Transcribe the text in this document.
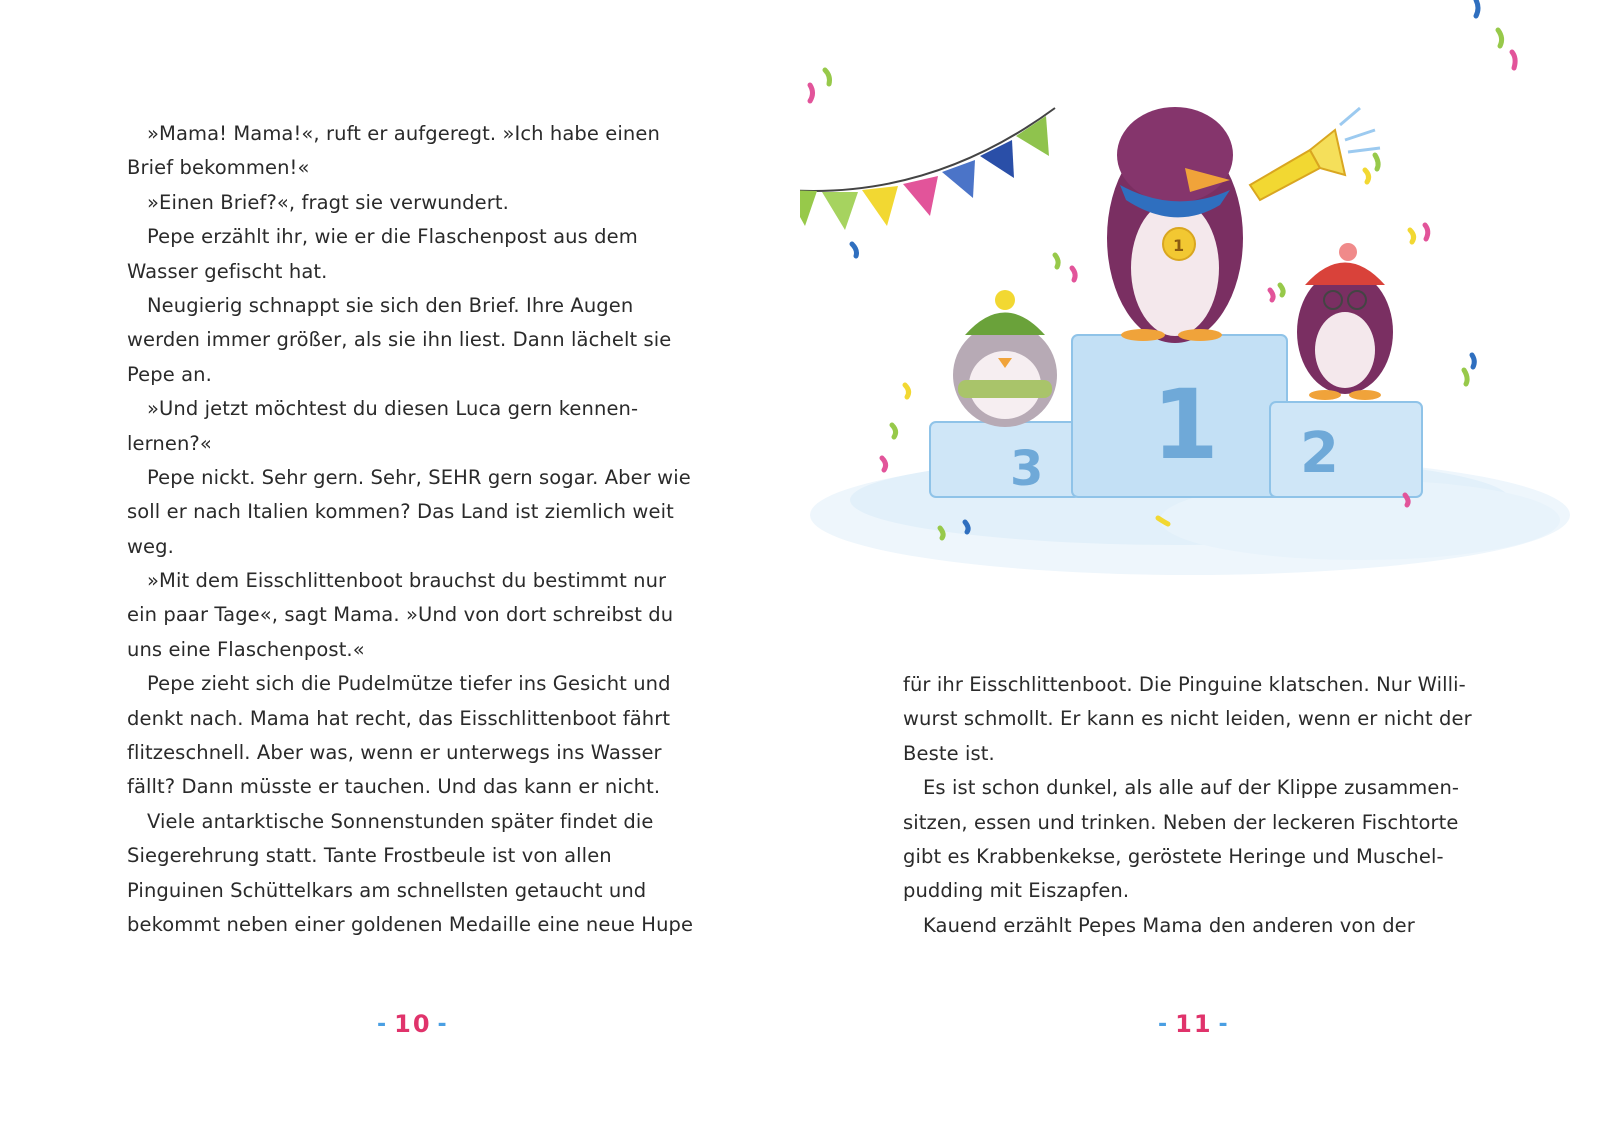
»Mama! Mama!«, ruft er aufgeregt. »Ich habe einen
Brief bekommen!«
»Einen Brief?«, fragt sie verwundert.
Pepe erzählt ihr, wie er die Flaschenpost aus dem
Wasser gefischt hat.
Neugierig schnappt sie sich den Brief. Ihre Augen
werden immer größer, als sie ihn liest. Dann lächelt sie
Pepe an.
»Und jetzt möchtest du diesen Luca gern kennen-
lernen?«
Pepe nickt. Sehr gern. Sehr, SEHR gern sogar. Aber wie
soll er nach Italien kommen? Das Land ist ziemlich weit
weg.
»Mit dem Eisschlittenboot brauchst du bestimmt nur
ein paar Tage«, sagt Mama. »Und von dort schreibst du
uns eine Flaschenpost.«
Pepe zieht sich die Pudelmütze tiefer ins Gesicht und
denkt nach. Mama hat recht, das Eisschlittenboot fährt
flitzeschnell. Aber was, wenn er unterwegs ins Wasser
fällt? Dann müsste er tauchen. Und das kann er nicht.
Viele antarktische Sonnenstunden später findet die
Siegerehrung statt. Tante Frostbeule ist von allen
Pinguinen Schüttelkars am schnellsten getaucht und
bekommt neben einer goldenen Medaille eine neue Hupe
- 10 -
3 1 2
1
für ihr Eisschlittenboot. Die Pinguine klatschen. Nur Willi-
wurst schmollt. Er kann es nicht leiden, wenn er nicht der
Beste ist.
Es ist schon dunkel, als alle auf der Klippe zusammen-
sitzen, essen und trinken. Neben der leckeren Fischtorte
gibt es Krabbenkekse, geröstete Heringe und Muschel-
pudding mit Eiszapfen.
Kauend erzählt Pepes Mama den anderen von der
- 11 -
